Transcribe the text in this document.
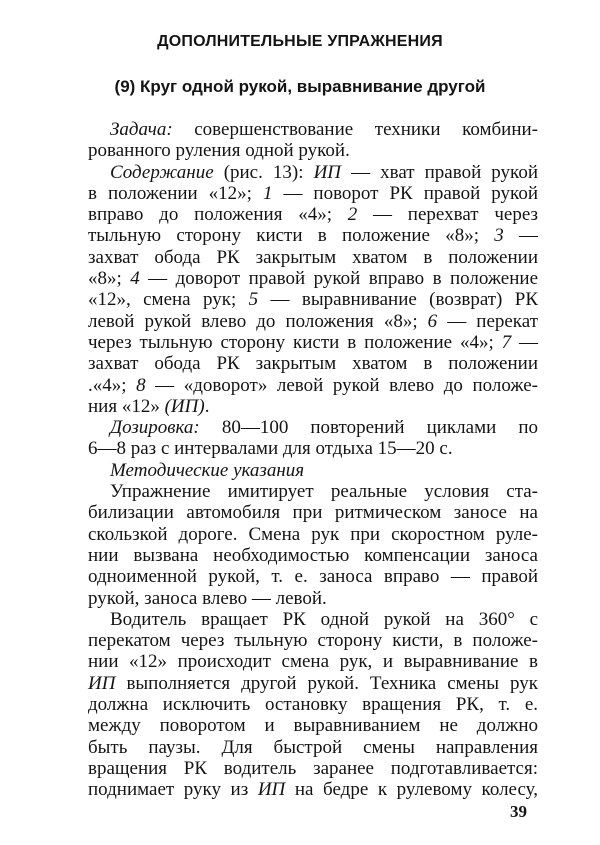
ДОПОЛНИТЕЛЬНЫЕ УПРАЖНЕНИЯ
(9) Круг одной рукой, выравнивание другой
Задача: совершенствование техники комбини-
рованного руления одной рукой.
Содержание (рис. 13): ИП — хват правой рукой
в положении «12»; 1 — поворот РК правой рукой
вправо до положения «4»; 2 — перехват через
тыльную сторону кисти в положение «8»; 3 —
захват обода РК закрытым хватом в положении
«8»; 4 — доворот правой рукой вправо в положение
«12», смена рук; 5 — выравнивание (возврат) РК
левой рукой влево до положения «8»; 6 — перекат
через тыльную сторону кисти в положение «4»; 7 —
захват обода РК закрытым хватом в положении
.«4»; 8 — «доворот» левой рукой влево до положе-
ния «12» (ИП).
Дозировка: 80—100 повторений циклами по
6—8 раз с интервалами для отдыха 15—20 с.
Методические указания
Упражнение имитирует реальные условия ста-
билизации автомобиля при ритмическом заносе на
скользкой дороге. Смена рук при скоростном руле-
нии вызвана необходимостью компенсации заноса
одноименной рукой, т. е. заноса вправо — правой
рукой, заноса влево — левой.
Водитель вращает РК одной рукой на 360° с
перекатом через тыльную сторону кисти, в положе-
нии «12» происходит смена рук, и выравнивание в
ИП выполняется другой рукой. Техника смены рук
должна исключить остановку вращения РК, т. е.
между поворотом и выравниванием не должно
быть паузы. Для быстрой смены направления
вращения РК водитель заранее подготавливается:
поднимает руку из ИП на бедре к рулевому колесу,
39
